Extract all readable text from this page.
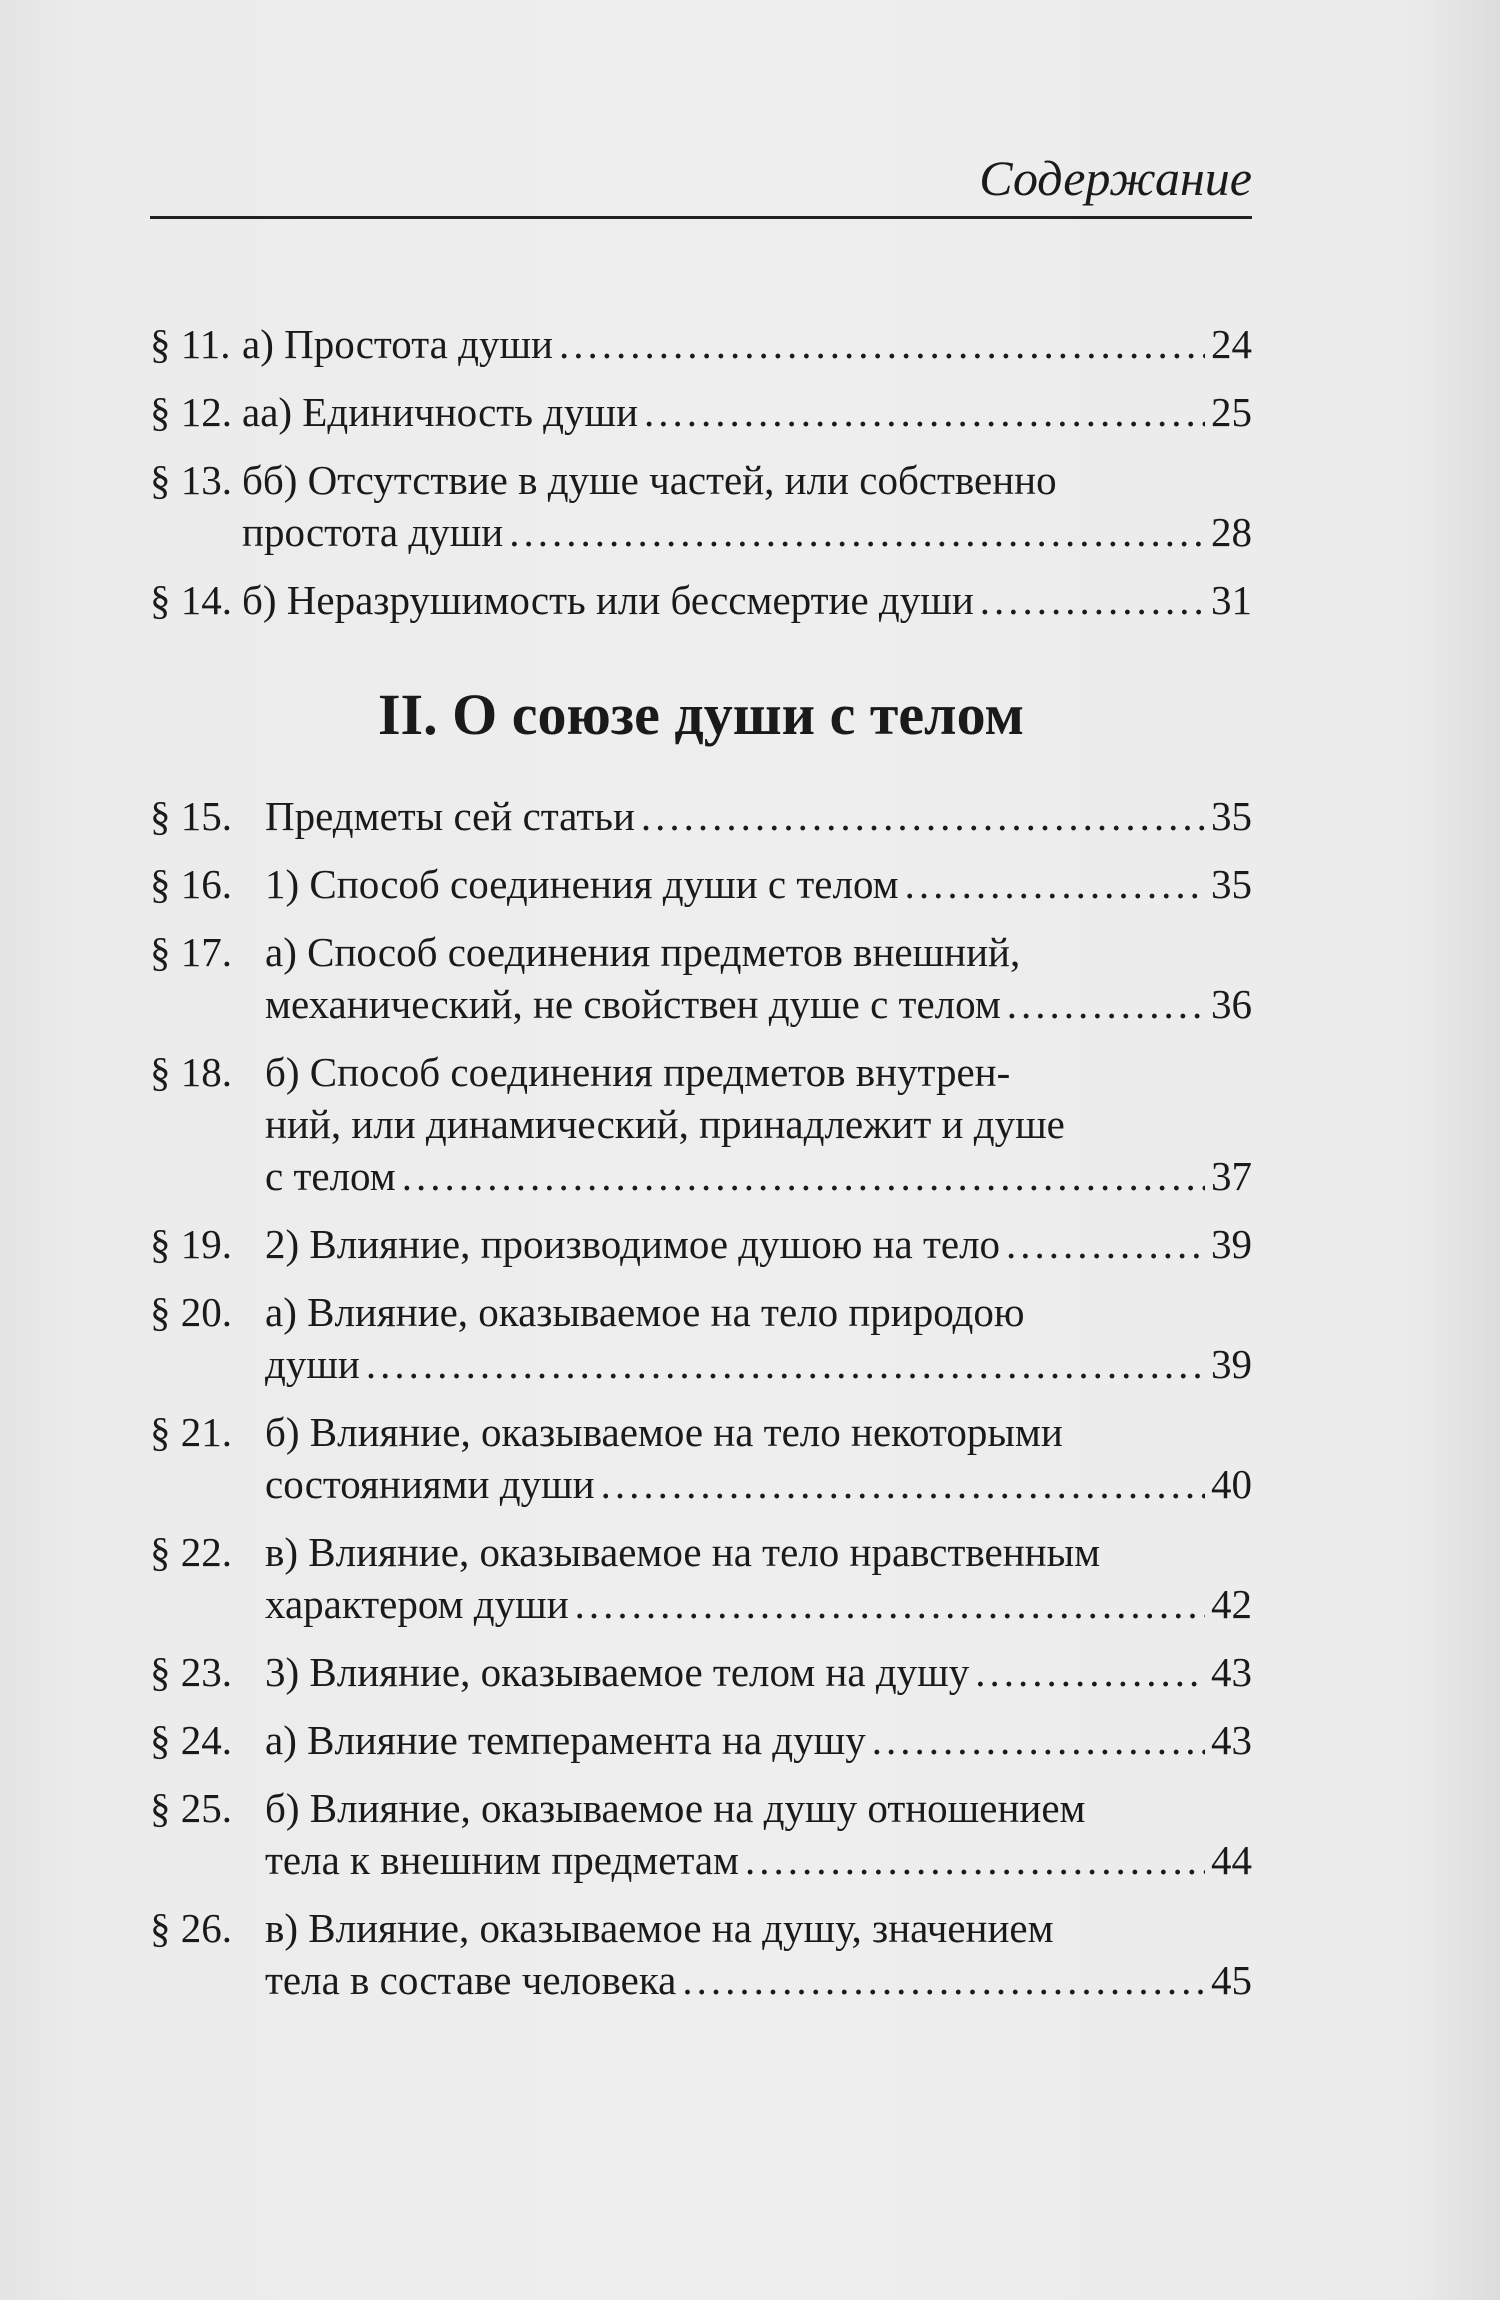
Содержание
§ 11. а) Простота души .....	24
§ 12. аа) Единичность души .....	25
§ 13. бб) Отсутствие в душе частей, или собственно
простота души .....	28
§ 14. б) Неразрушимость или бессмертие души .....	31
II. О союзе души с телом
§ 15. Предметы сей статьи .....	35
§ 16. 1) Способ соединения души с телом .....	35
§ 17. а) Способ соединения предметов внешний,
механический, не свойствен душе с телом .....	36
§ 18. б) Способ соединения предметов внутрен-
ний, или динамический, принадлежит и душе
с телом .....	37
§ 19. 2) Влияние, производимое душою на тело .....	39
§ 20. а) Влияние, оказываемое на тело природою
души .....	39
§ 21. б) Влияние, оказываемое на тело некоторыми
состояниями души .....	40
§ 22. в) Влияние, оказываемое на тело нравственным
характером души .....	42
§ 23. 3) Влияние, оказываемое телом на душу .....	43
§ 24. а) Влияние темперамента на душу .....	43
§ 25. б) Влияние, оказываемое на душу отношением
тела к внешним предметам .....	44
§ 26. в) Влияние, оказываемое на душу, значением
тела в составе человека .....	45
